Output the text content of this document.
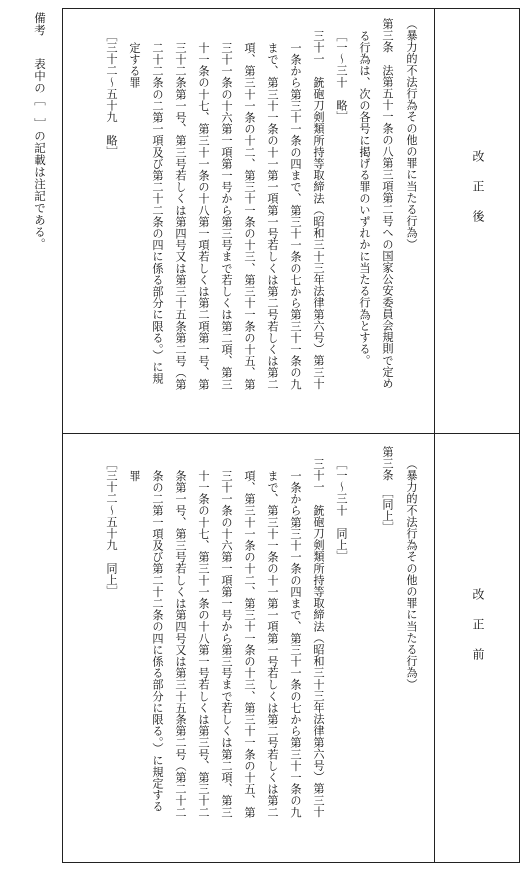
改正後
改正前
（暴力的不法行為その他の罪に当たる行為）
第三条　法第五十一条の八第三項第二号への国家公安委員会規則で定め
る行為は、次の各号に掲げる罪のいずれかに当たる行為とする。
［一～三十　略］
三十一　銃砲刀剣類所持等取締法（昭和三十三年法律第六号）第三十
一条から第三十一条の四まで、第三十一条の七から第三十一条の九
まで、第三十一条の十一第一項第一号若しくは第二号若しくは第二
項、第三十一条の十二、第三十一条の十三、第三十一条の十五、第
三十一条の十六第一項第一号から第三号まで若しくは第二項、第三
十一条の十七、第三十一条の十八第一項若しくは第二項第一号、第
三十二条第一号、第三号若しくは第四号又は第三十五条第二号（第
二十二条の二第一項及び第二十二条の四に係る部分に限る。）に規
定する罪
［三十二～五十九　略］
（暴力的不法行為その他の罪に当たる行為）
第三条　［同上］
［一～三十　同上］
三十一　銃砲刀剣類所持等取締法（昭和三十三年法律第六号）第三十
一条から第三十一条の四まで、第三十一条の七から第三十一条の九
まで、第三十一条の十一第一項第一号若しくは第二号若しくは第二
項、第三十一条の十二、第三十一条の十三、第三十一条の十五、第
三十一条の十六第一項第一号から第三号まで若しくは第二項、第三
十一条の十七、第三十一条の十八第一号若しくは第三号、第三十二
条第一号、第三号若しくは第四号又は第三十五条第二号（第二十二
条の二第一項及び第二十二条の四に係る部分に限る。）に規定する
罪
［三十二～五十九　同上］
備考
表中の［　］の記載は注記である。
